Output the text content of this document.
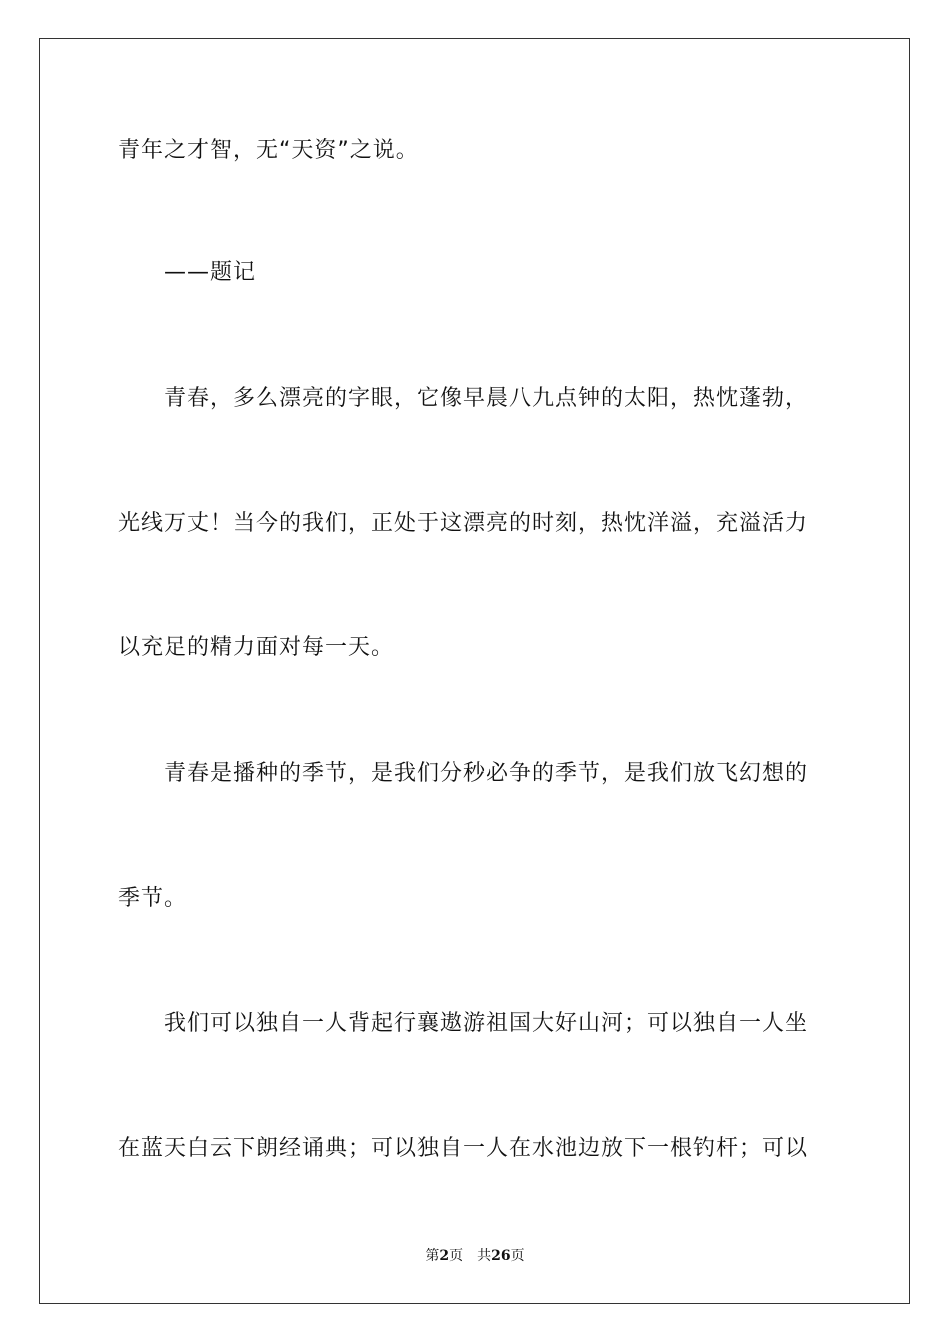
青年之才智，无“天资”之说。
——题记
青春，多么漂亮的字眼，它像早晨八九点钟的太阳，热忱蓬勃，
光线万丈！当今的我们，正处于这漂亮的时刻，热忱洋溢，充溢活力
以充足的精力面对每一天。
青春是播种的季节，是我们分秒必争的季节，是我们放飞幻想的
季节。
我们可以独自一人背起行襄遨游祖国大好山河；可以独自一人坐
在蓝天白云下朗经诵典；可以独自一人在水池边放下一根钓杆；可以
第2页 共26页
